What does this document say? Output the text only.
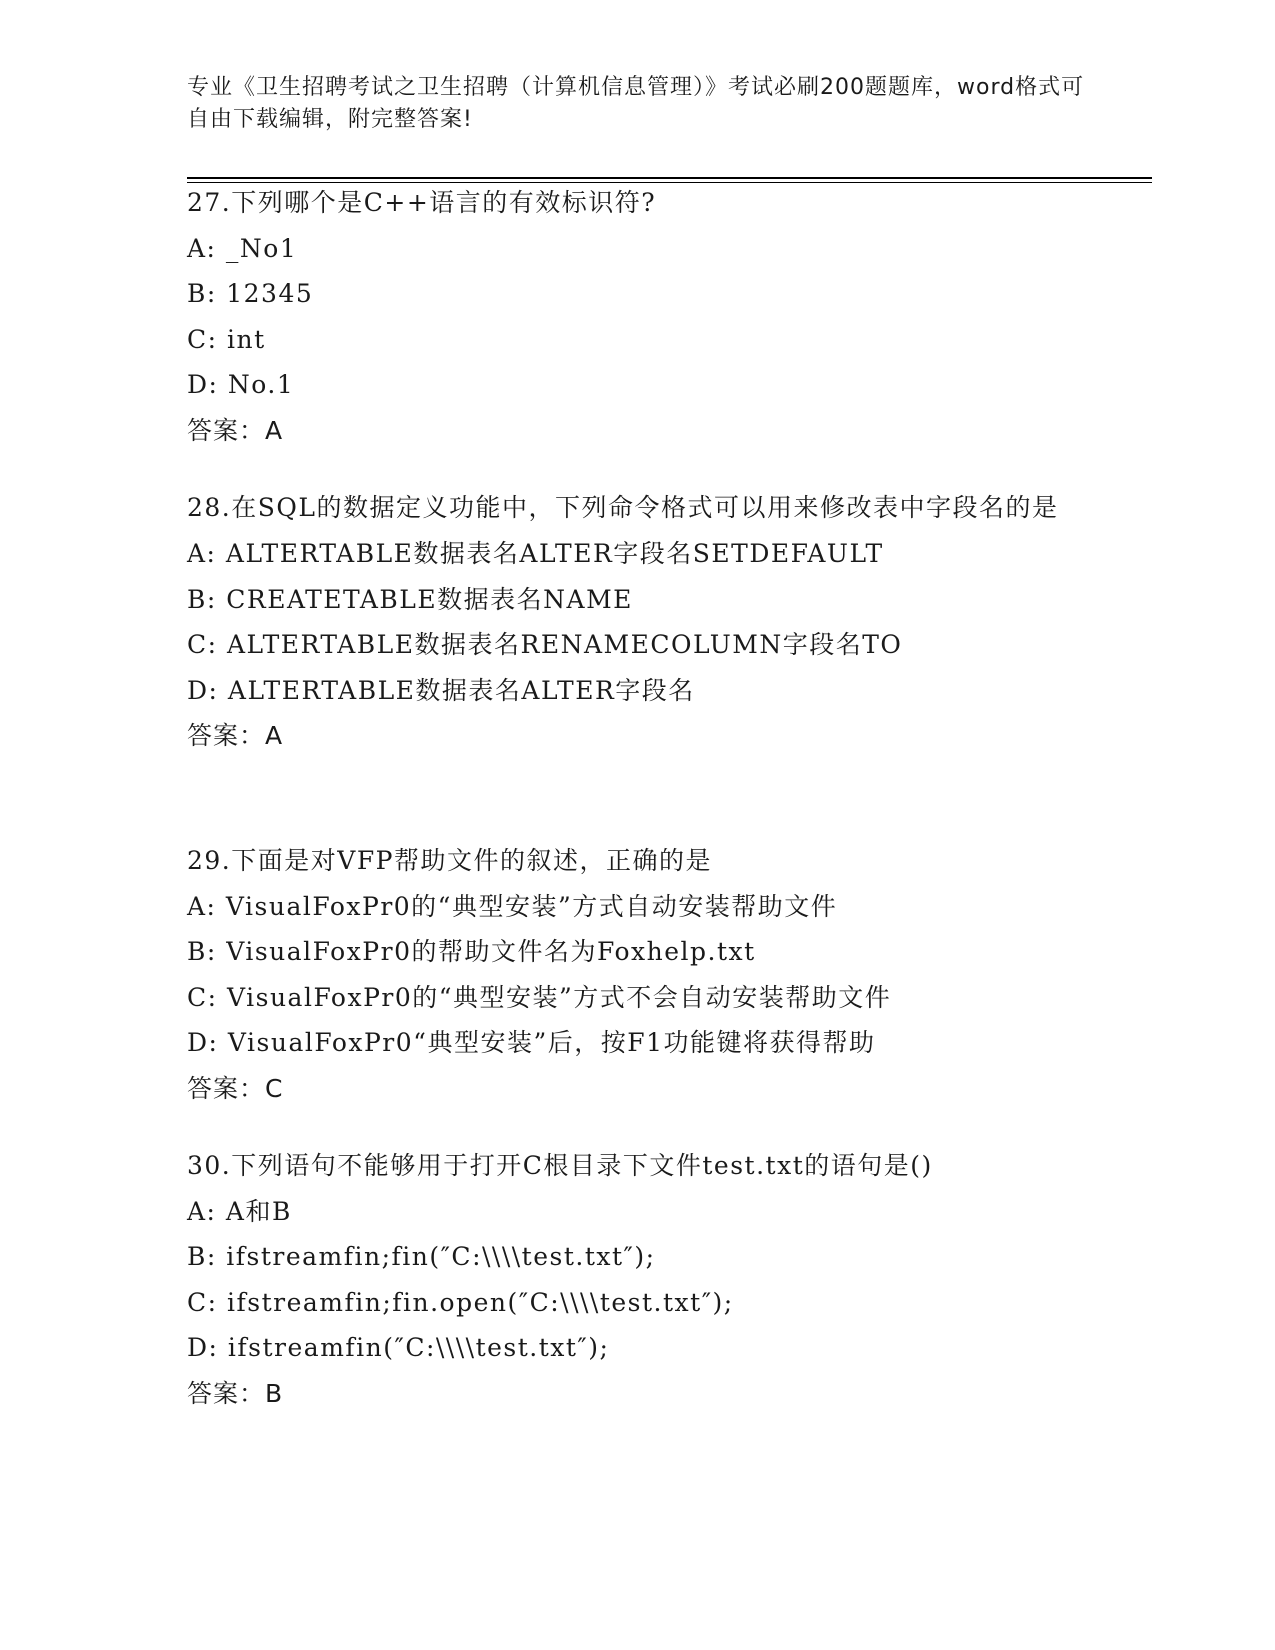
专业《卫生招聘考试之卫生招聘（计算机信息管理）》考试必刷200题题库，word格式可自由下载编辑，附完整答案!
27.下列哪个是C++语言的有效标识符?
A: _No1
B: 12345
C: int
D: No.1
答案：A
28.在SQL的数据定义功能中，下列命令格式可以用来修改表中字段名的是
A: ALTERTABLE数据表名ALTER字段名SETDEFAULT
B: CREATETABLE数据表名NAME
C: ALTERTABLE数据表名RENAMECOLUMN字段名TO
D: ALTERTABLE数据表名ALTER字段名
答案：A
29.下面是对VFP帮助文件的叙述，正确的是
A: VisualFoxPr0的“典型安装”方式自动安装帮助文件
B: VisualFoxPr0的帮助文件名为Foxhelp.txt
C: VisualFoxPr0的“典型安装”方式不会自动安装帮助文件
D: VisualFoxPr0“典型安装”后，按F1功能键将获得帮助
答案：C
30.下列语句不能够用于打开C根目录下文件test.txt的语句是()
A: A和B
B: ifstreamfin;fin(″C:\\\\test.txt″);
C: ifstreamfin;fin.open(″C:\\\\test.txt″);
D: ifstreamfin(″C:\\\\test.txt″);
答案：B
